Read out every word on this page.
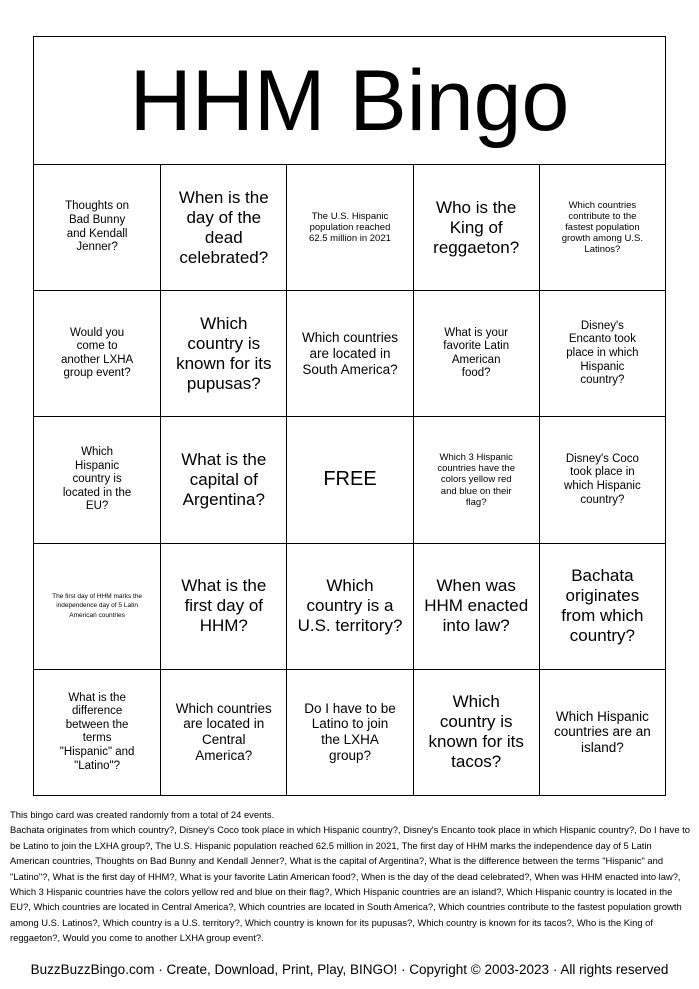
HHM Bingo
Thoughts on Bad Bunny and Kendall Jenner?
When is the day of the dead celebrated?
The U.S. Hispanic population reached 62.5 million in 2021
Who is the King of reggaeton?
Which countries contribute to the fastest population growth among U.S. Latinos?
Would you come to another LXHA group event?
Which country is known for its pupusas?
Which countries are located in South America?
What is your favorite Latin American food?
Disney's Encanto took place in which Hispanic country?
Which Hispanic country is located in the EU?
What is the capital of Argentina?
FREE
Which 3 Hispanic countries have the colors yellow red and blue on their flag?
Disney's Coco took place in which Hispanic country?
The first day of HHM marks the independence day of 5 Latin American countries
What is the first day of HHM?
Which country is a U.S. territory?
When was HHM enacted into law?
Bachata originates from which country?
What is the difference between the terms "Hispanic" and "Latino"?
Which countries are located in Central America?
Do I have to be Latino to join the LXHA group?
Which country is known for its tacos?
Which Hispanic countries are an island?
This bingo card was created randomly from a total of 24 events.
Bachata originates from which country?, Disney's Coco took place in which Hispanic country?, Disney's Encanto took place in which Hispanic country?, Do I have to be Latino to join the LXHA group?, The U.S. Hispanic population reached 62.5 million in 2021, The first day of HHM marks the independence day of 5 Latin American countries, Thoughts on Bad Bunny and Kendall Jenner?, What is the capital of Argentina?, What is the difference between the terms "Hispanic" and "Latino"?, What is the first day of HHM?, What is your favorite Latin American food?, When is the day of the dead celebrated?, When was HHM enacted into law?, Which 3 Hispanic countries have the colors yellow red and blue on their flag?, Which Hispanic countries are an island?, Which Hispanic country is located in the EU?, Which countries are located in Central America?, Which countries are located in South America?, Which countries contribute to the fastest population growth among U.S. Latinos?, Which country is a U.S. territory?, Which country is known for its pupusas?, Which country is known for its tacos?, Who is the King of reggaeton?, Would you come to another LXHA group event?.
BuzzBuzzBingo.com · Create, Download, Print, Play, BINGO! · Copyright © 2003-2023 · All rights reserved
